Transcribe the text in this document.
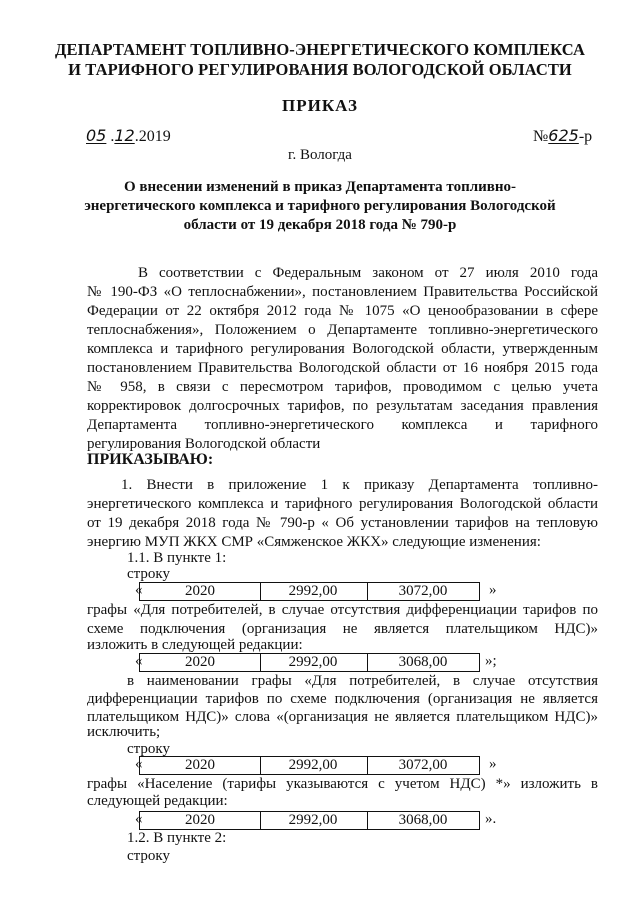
ДЕПАРТАМЕНТ ТОПЛИВНО-ЭНЕРГЕТИЧЕСКОГО КОМПЛЕКСА
И ТАРИФНОГО РЕГУЛИРОВАНИЯ ВОЛОГОДСКОЙ ОБЛАСТИ
ПРИКАЗ
05 .12.2019	№625-р
г. Вологда
О внесении изменений в приказ Департамента топливно-
энергетического комплекса и тарифного регулирования Вологодской
области от 19 декабря 2018 года № 790-р
В соответствии с Федеральным законом от 27 июля 2010 года
№ 190-ФЗ «О теплоснабжении», постановлением Правительства Российской
Федерации от 22 октября 2012 года № 1075 «О ценообразовании в сфере
теплоснабжения», Положением о Департаменте топливно-энергетического
комплекса и тарифного регулирования Вологодской области, утвержденным
постановлением Правительства Вологодской области от 16 ноября 2015 года
№ 958, в связи с пересмотром тарифов, проводимом с целью учета
корректировок долгосрочных тарифов, по результатам заседания правления
Департамента топливно-энергетического комплекса и тарифного
регулирования Вологодской области
ПРИКАЗЫВАЮ:
1. Внести в приложение 1 к приказу Департамента топливно-
энергетического комплекса и тарифного регулирования Вологодской области
от 19 декабря 2018 года № 790-р « Об установлении тарифов на тепловую
энергию МУП ЖКХ СМР «Сямженское ЖКХ» следующие изменения:
1.1. В пункте 1:
строку
«	2020	2992,00	3072,00	»
графы «Для потребителей, в случае отсутствия дифференциации тарифов по
схеме подключения (организация не является плательщиком НДС)»
изложить в следующей редакции:
«	2020	2992,00	3068,00	»;
в наименовании графы «Для потребителей, в случае отсутствия
дифференциации тарифов по схеме подключения (организация не является
плательщиком НДС)» слова «(организация не является плательщиком НДС)»
исключить;
строку
«	2020	2992,00	3072,00	»
графы «Население (тарифы указываются с учетом НДС) *» изложить в
следующей редакции:
«	2020	2992,00	3068,00	».
1.2. В пункте 2:
строку
